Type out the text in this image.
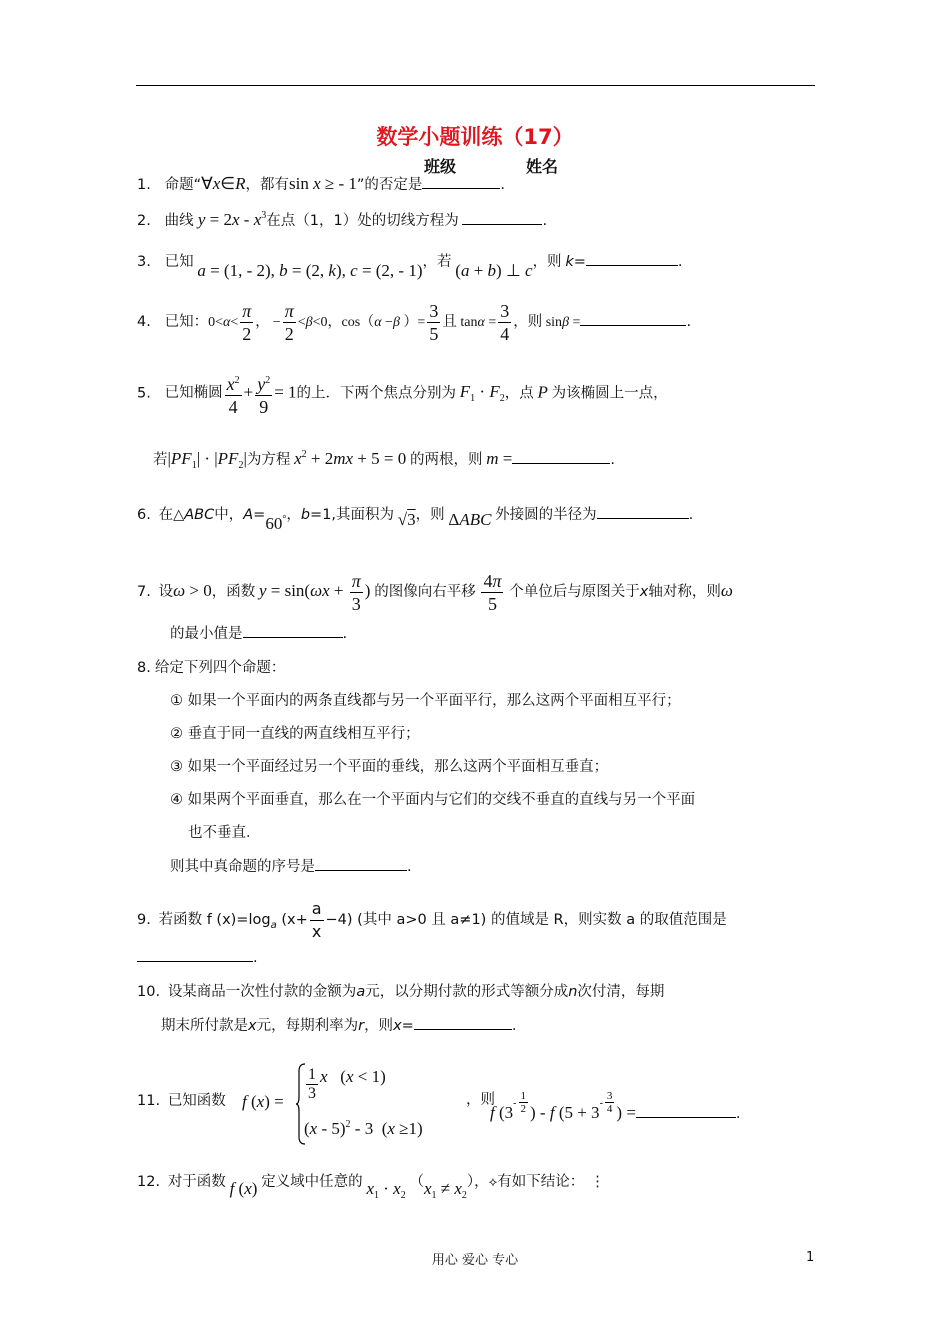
数学小题训练（17）
班级	姓名
1. 命题“∀x∈R，都有sin x ≥ - 1”的否定是	.
2. 曲线 $y = 2x - x^3$在点（1，1）处的切线方程为	.
3. 已知 a = (1, - 2), b = (2, k), c = (2, - 1)，若 (a + b) ⊥ c，则 k=	.
4. 已知：$0<\alpha< \frac{\pi}{2}$ ， − $\frac{\pi}{2} <\beta<0$，cos（α −β ）= $\frac{3}{5}$ 且 $\tan\alpha = \frac{3}{4}$ ，则 sinβ =	.
5. 已知椭圆 $\frac{x^2}{4} + \frac{y^2}{9} = 1$的上．下两个焦点分别为 $F_1 \cdot F_2$，点 P 为该椭圆上一点，
若$|PF_1| \cdot |PF_2|$为方程 $x^2 + 2mx + 5 = 0$ 的两根，则 m =	.
6. 在△ABC中，A=60°，b=1,其面积为 √3，则 ΔABC 外接圆的半径为	.
7. 设ω > 0，函数 $y = \sin(\omega x + \frac{\pi}{3}$ ) 的图像向右平移 $\frac{4\pi}{5}$ 个单位后与原图关于x轴对称，则ω
的最小值是	.
8. 给定下列四个命题：
① 如果一个平面内的两条直线都与另一个平面平行，那么这两个平面相互平行；
② 垂直于同一直线的两直线相互平行；
③ 如果一个平面经过另一个平面的垂线，那么这两个平面相互垂直；
④ 如果两个平面垂直，那么在一个平面内与它们的交线不垂直的直线与另一个平面
也不垂直．
则其中真命题的序号是	.
9. 若函数 f $(x)=\log_a$ $(x+ \frac{a}{x} -4)$ (其中 a>0 且 a≠1) 的值域是 R，则实数 a 的取值范围是
.
10. 设某商品一次性付款的金额为a元，以分期付款的形式等额分成n次付清，每期
期末所付款是x元，每期利率为r，则x=	.
11. 已知函数 f $(x) = \frac{1}{3}$ x   (x < 1)
(x - 5)$^2$ - 3  (x ≥1)
，则
f ($3- \frac{1}{2}$ ) - f ($5 + 3- \frac{3}{4}$ ) =	.
12. 对于函数 f (x) 定义域中任意的 $x_1 \cdot x_2$ $(x_1 \ne x_2)$，⟡有如下结论： ⋮
用心 爱心 专心	1
